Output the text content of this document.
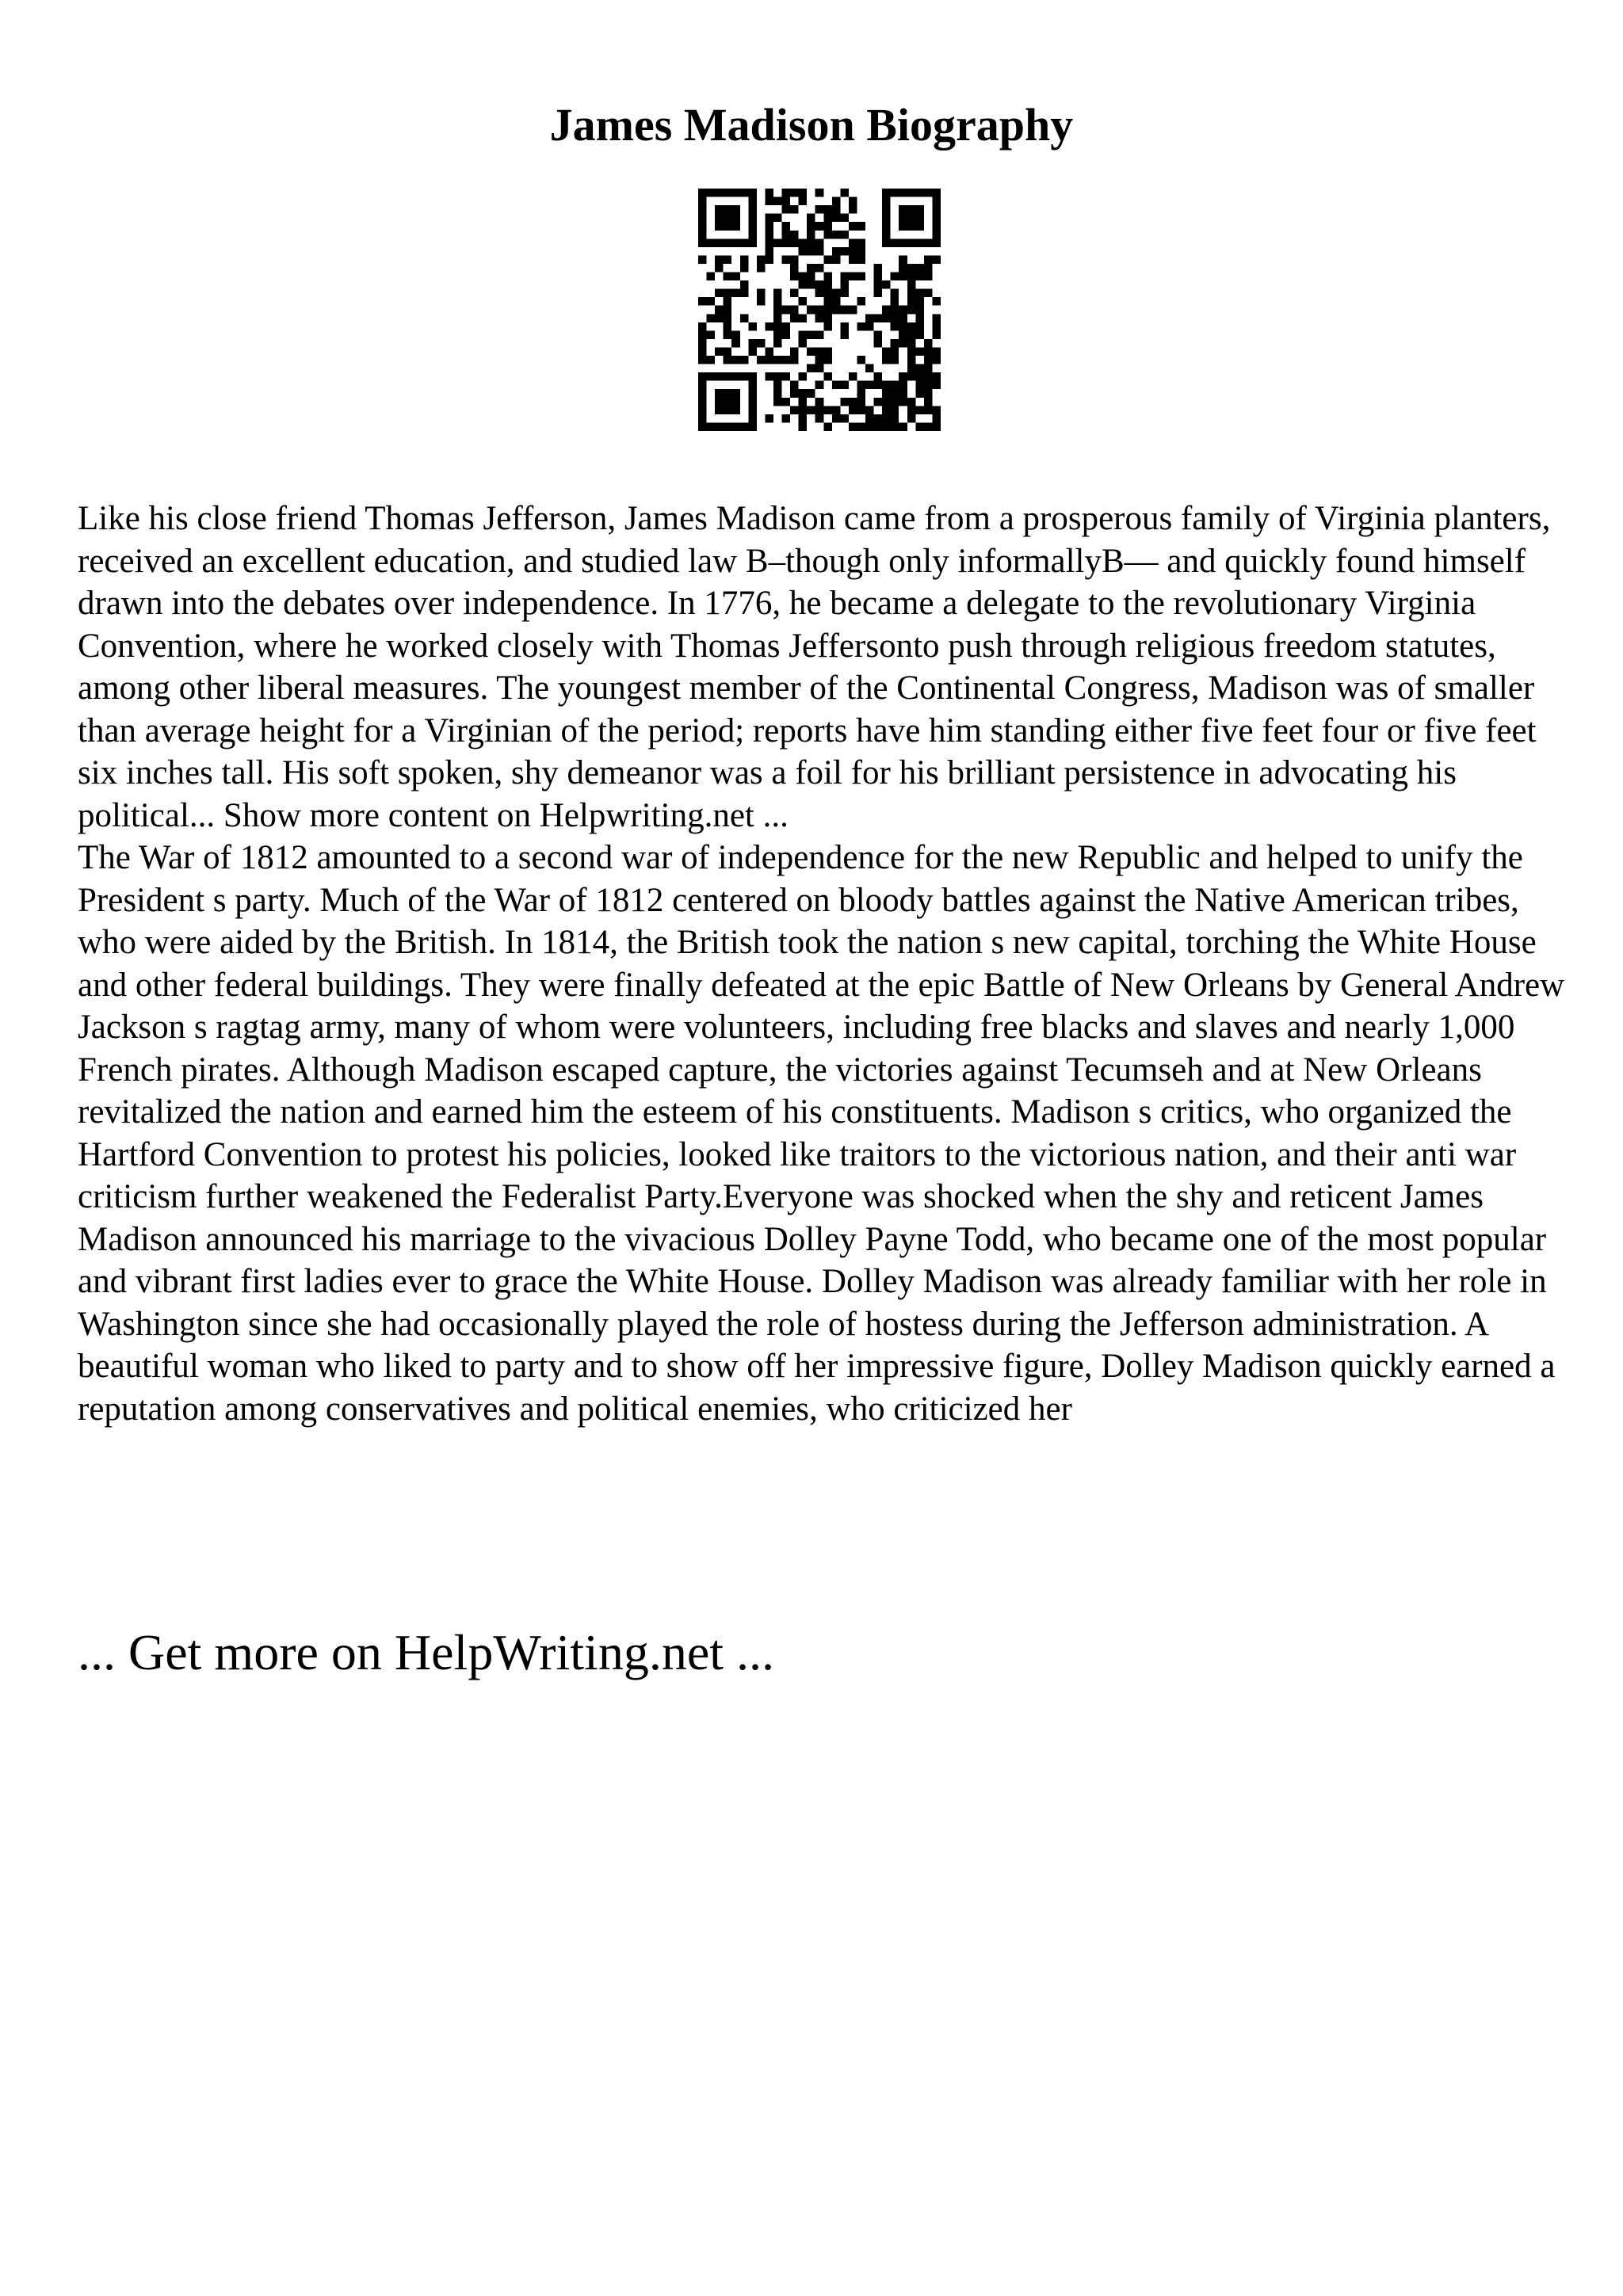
James Madison Biography

Like his close friend Thomas Jefferson, James Madison came from a prosperous family of Virginia planters, received an excellent education, and studied law B–though only informallyB— and quickly found himself drawn into the debates over independence. In 1776, he became a delegate to the revolutionary Virginia Convention, where he worked closely with Thomas Jeffersonto push through religious freedom statutes, among other liberal measures. The youngest member of the Continental Congress, Madison was of smaller than average height for a Virginian of the period; reports have him standing either five feet four or five feet six inches tall. His soft spoken, shy demeanor was a foil for his brilliant persistence in advocating his political... Show more content on Helpwriting.net ...

The War of 1812 amounted to a second war of independence for the new Republic and helped to unify the President s party. Much of the War of 1812 centered on bloody battles against the Native American tribes, who were aided by the British. In 1814, the British took the nation s new capital, torching the White House and other federal buildings. They were finally defeated at the epic Battle of New Orleans by General Andrew Jackson s ragtag army, many of whom were volunteers, including free blacks and slaves and nearly 1,000 French pirates. Although Madison escaped capture, the victories against Tecumseh and at New Orleans revitalized the nation and earned him the esteem of his constituents. Madison s critics, who organized the Hartford Convention to protest his policies, looked like traitors to the victorious nation, and their anti war criticism further weakened the Federalist Party.Everyone was shocked when the shy and reticent James Madison announced his marriage to the vivacious Dolley Payne Todd, who became one of the most popular and vibrant first ladies ever to grace the White House. Dolley Madison was already familiar with her role in Washington since she had occasionally played the role of hostess during the Jefferson administration. A beautiful woman who liked to party and to show off her impressive figure, Dolley Madison quickly earned a reputation among conservatives and political enemies, who criticized her

... Get more on HelpWriting.net ...
